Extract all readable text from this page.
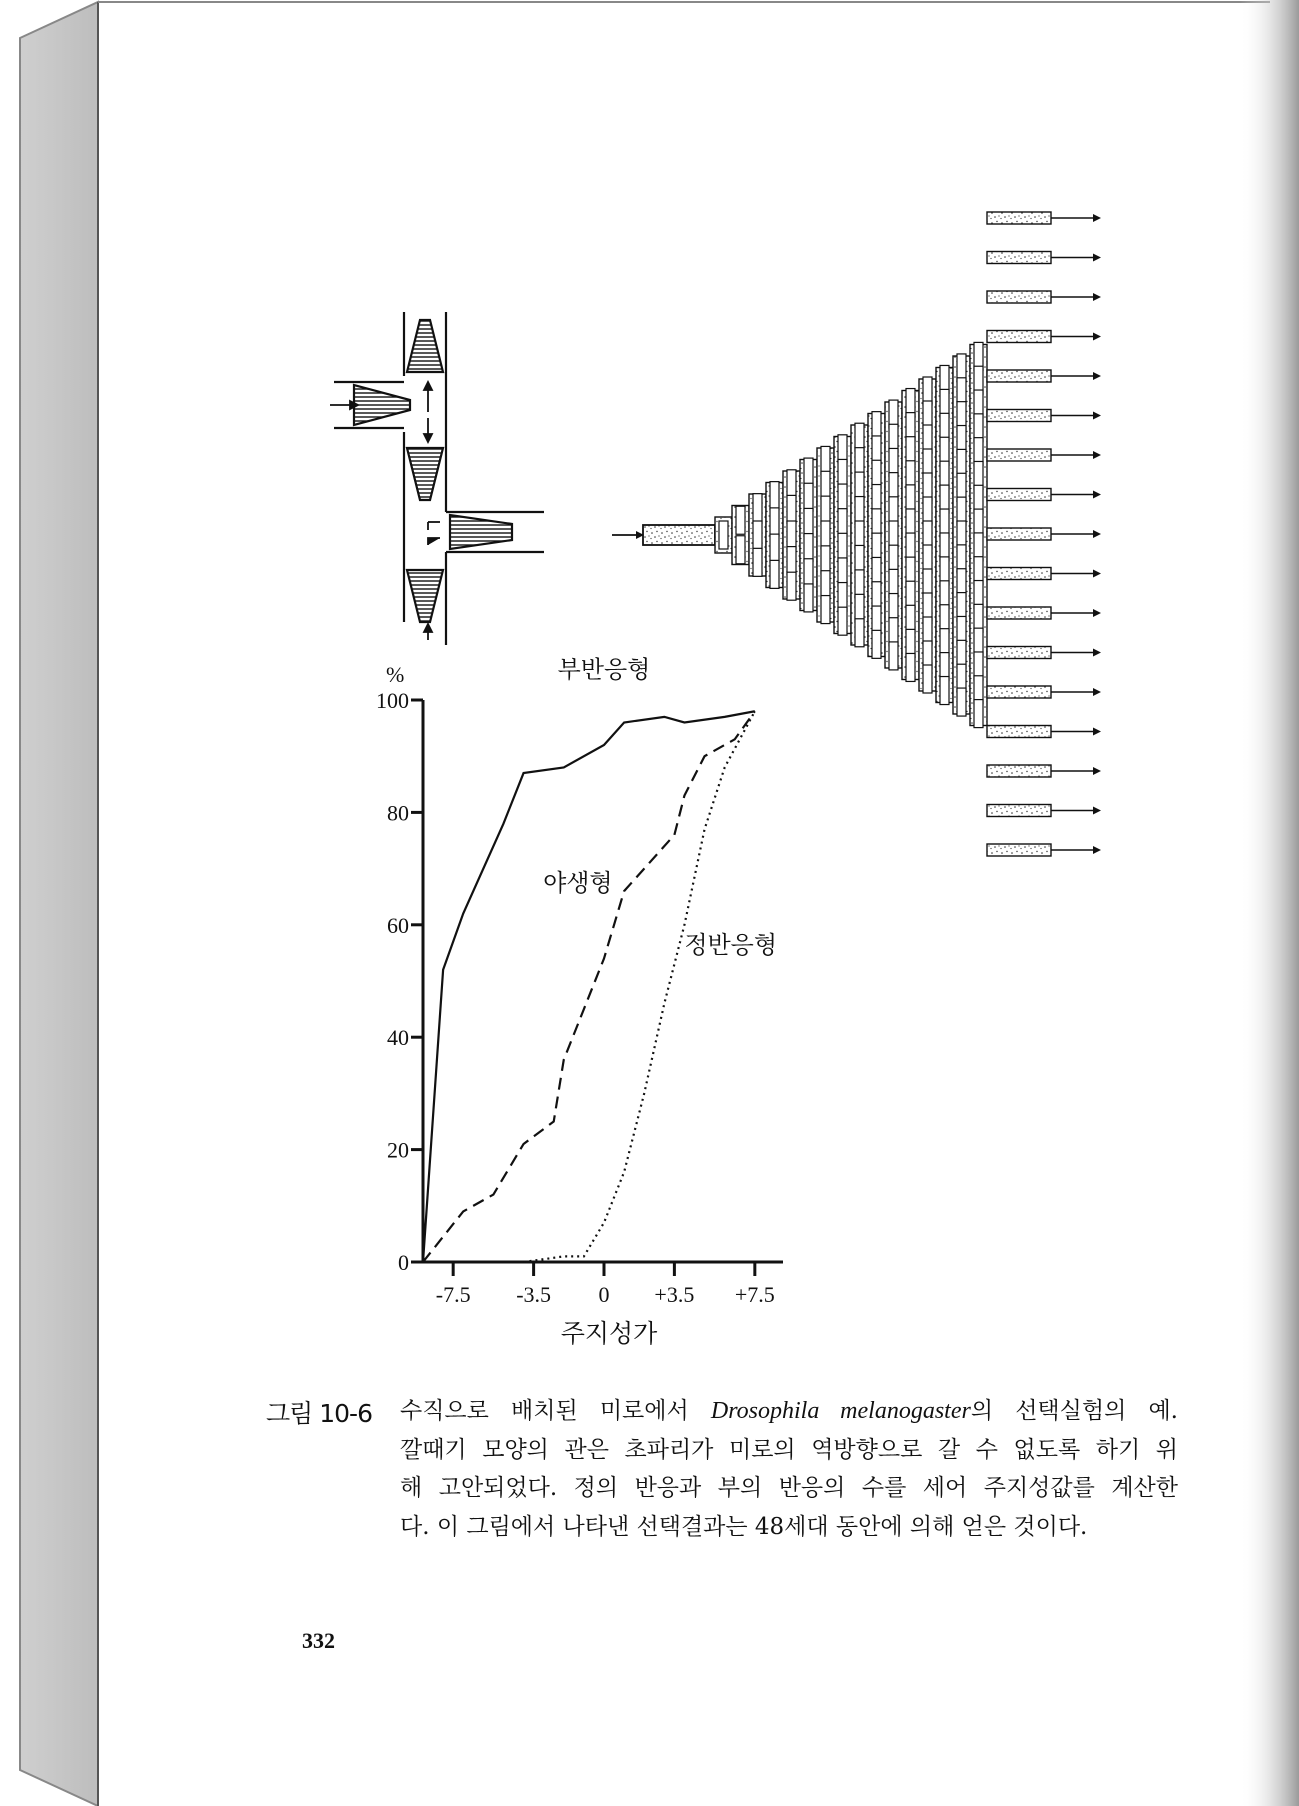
%
주지성가
0
20
40
60
80
100
-7.5 -3.5 0 +3.5 +7.5
부반응형
야생형
정반응형
그림 10-6 수직으로 배치된 미로에서 Drosophila melanogaster의 선택실험의 예.
깔때기 모양의 관은 초파리가 미로의 역방향으로 갈 수 없도록 하기 위
해 고안되었다. 정의 반응과 부의 반응의 수를 세어 주지성값를 계산한
다. 이 그림에서 나타낸 선택결과는 48세대 동안에 의해 얻은 것이다.
332
